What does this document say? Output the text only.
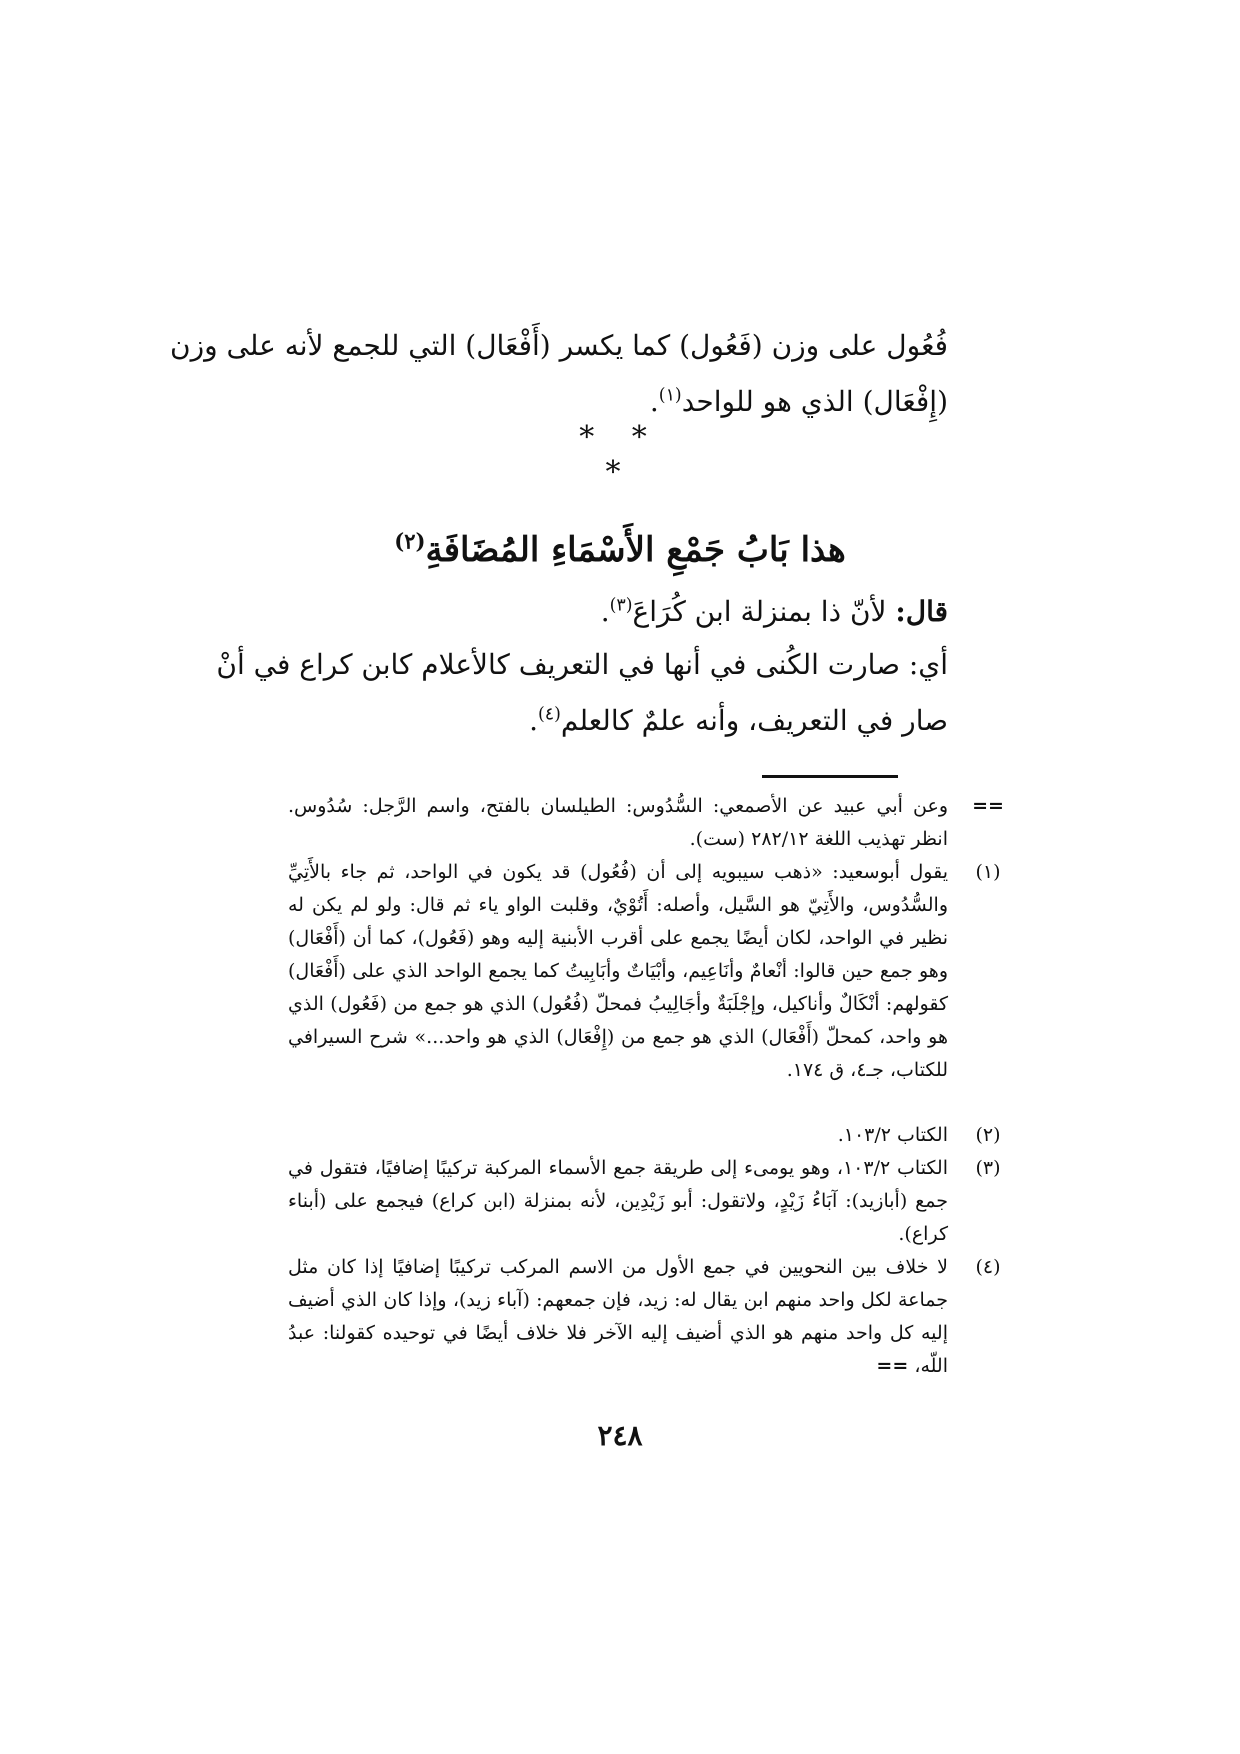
فُعُول على وزن (فَعُول) كما يكسر (أَفْعَال) التي للجمع لأنه على وزن
(إِفْعَال) الذي هو للواحد$^{(١)}$.
* * *
هذا بَابُ جَمْعِ الأَسْمَاءِ المُضَافَةِ$^{(٢)}$
قال: لأنّ ذا بمنزلة ابن كُرَاعَ$^{(٣)}$.
أي: صارت الكُنى في أنها في التعريف كالأعلام كابن كراع في أنْ
صار في التعريف، وأنه علمٌ كالعلم$^{(٤)}$.
==
وعن أبي عبيد عن الأصمعي: السُّدُوس: الطيلسان بالفتح، واسم الرَّجل: سُدُوس. انظر تهذيب اللغة ٢٨٢/١٢ (ست).
(١)
يقول أبوسعيد: «ذهب سيبويه إلى أن (فُعُول) قد يكون في الواحد، ثم جاء بالأَتِيِّ والسُّدُوس، والأَتِيّ هو السَّيل، وأصله: أَتُوْيٌ، وقلبت الواو ياء ثم قال: ولو لم يكن له نظير في الواحد، لكان أيضًا يجمع على أقرب الأبنية إليه وهو (فَعُول)، كما أن (أَفْعَال) وهو جمع حين قالوا: أنْعامٌ وأنَاعِيم، وأبْيَاتٌ وأبَابِيتُ كما يجمع الواحد الذي على (أَفْعَال) كقولهم: أنْكَالٌ وأناكيل، وإجْلَبَةٌ وأجَالِيبُ فمحلّ (فُعُول) الذي هو جمع من (فَعُول) الذي هو واحد، كمحلّ (أَفْعَال) الذي هو جمع من (إِفْعَال) الذي هو واحد...» شرح السيرافي للكتاب، جـ٤، ق ١٧٤.
(٢)
الكتاب ١٠٣/٢.
(٣)
الكتاب ١٠٣/٢، وهو يومىء إلى طريقة جمع الأسماء المركبة تركيبًا إضافيًا، فتقول في جمع (أبازيد): آبَاءُ زَيْدٍ، ولاتقول: أبو زَيْدِين، لأنه بمنزلة (ابن كراع) فيجمع على (أبناء كراع).
(٤)
لا خلاف بين النحويين في جمع الأول من الاسم المركب تركيبًا إضافيًا إذا كان مثل جماعة لكل واحد منهم ابن يقال له: زيد، فإن جمعهم: (آباء زيد)، وإذا كان الذي أضيف إليه كل واحد منهم هو الذي أضيف إليه الآخر فلا خلاف أيضًا في توحيده كقولنا: عبدُ اللّه، ==
٢٤٨
